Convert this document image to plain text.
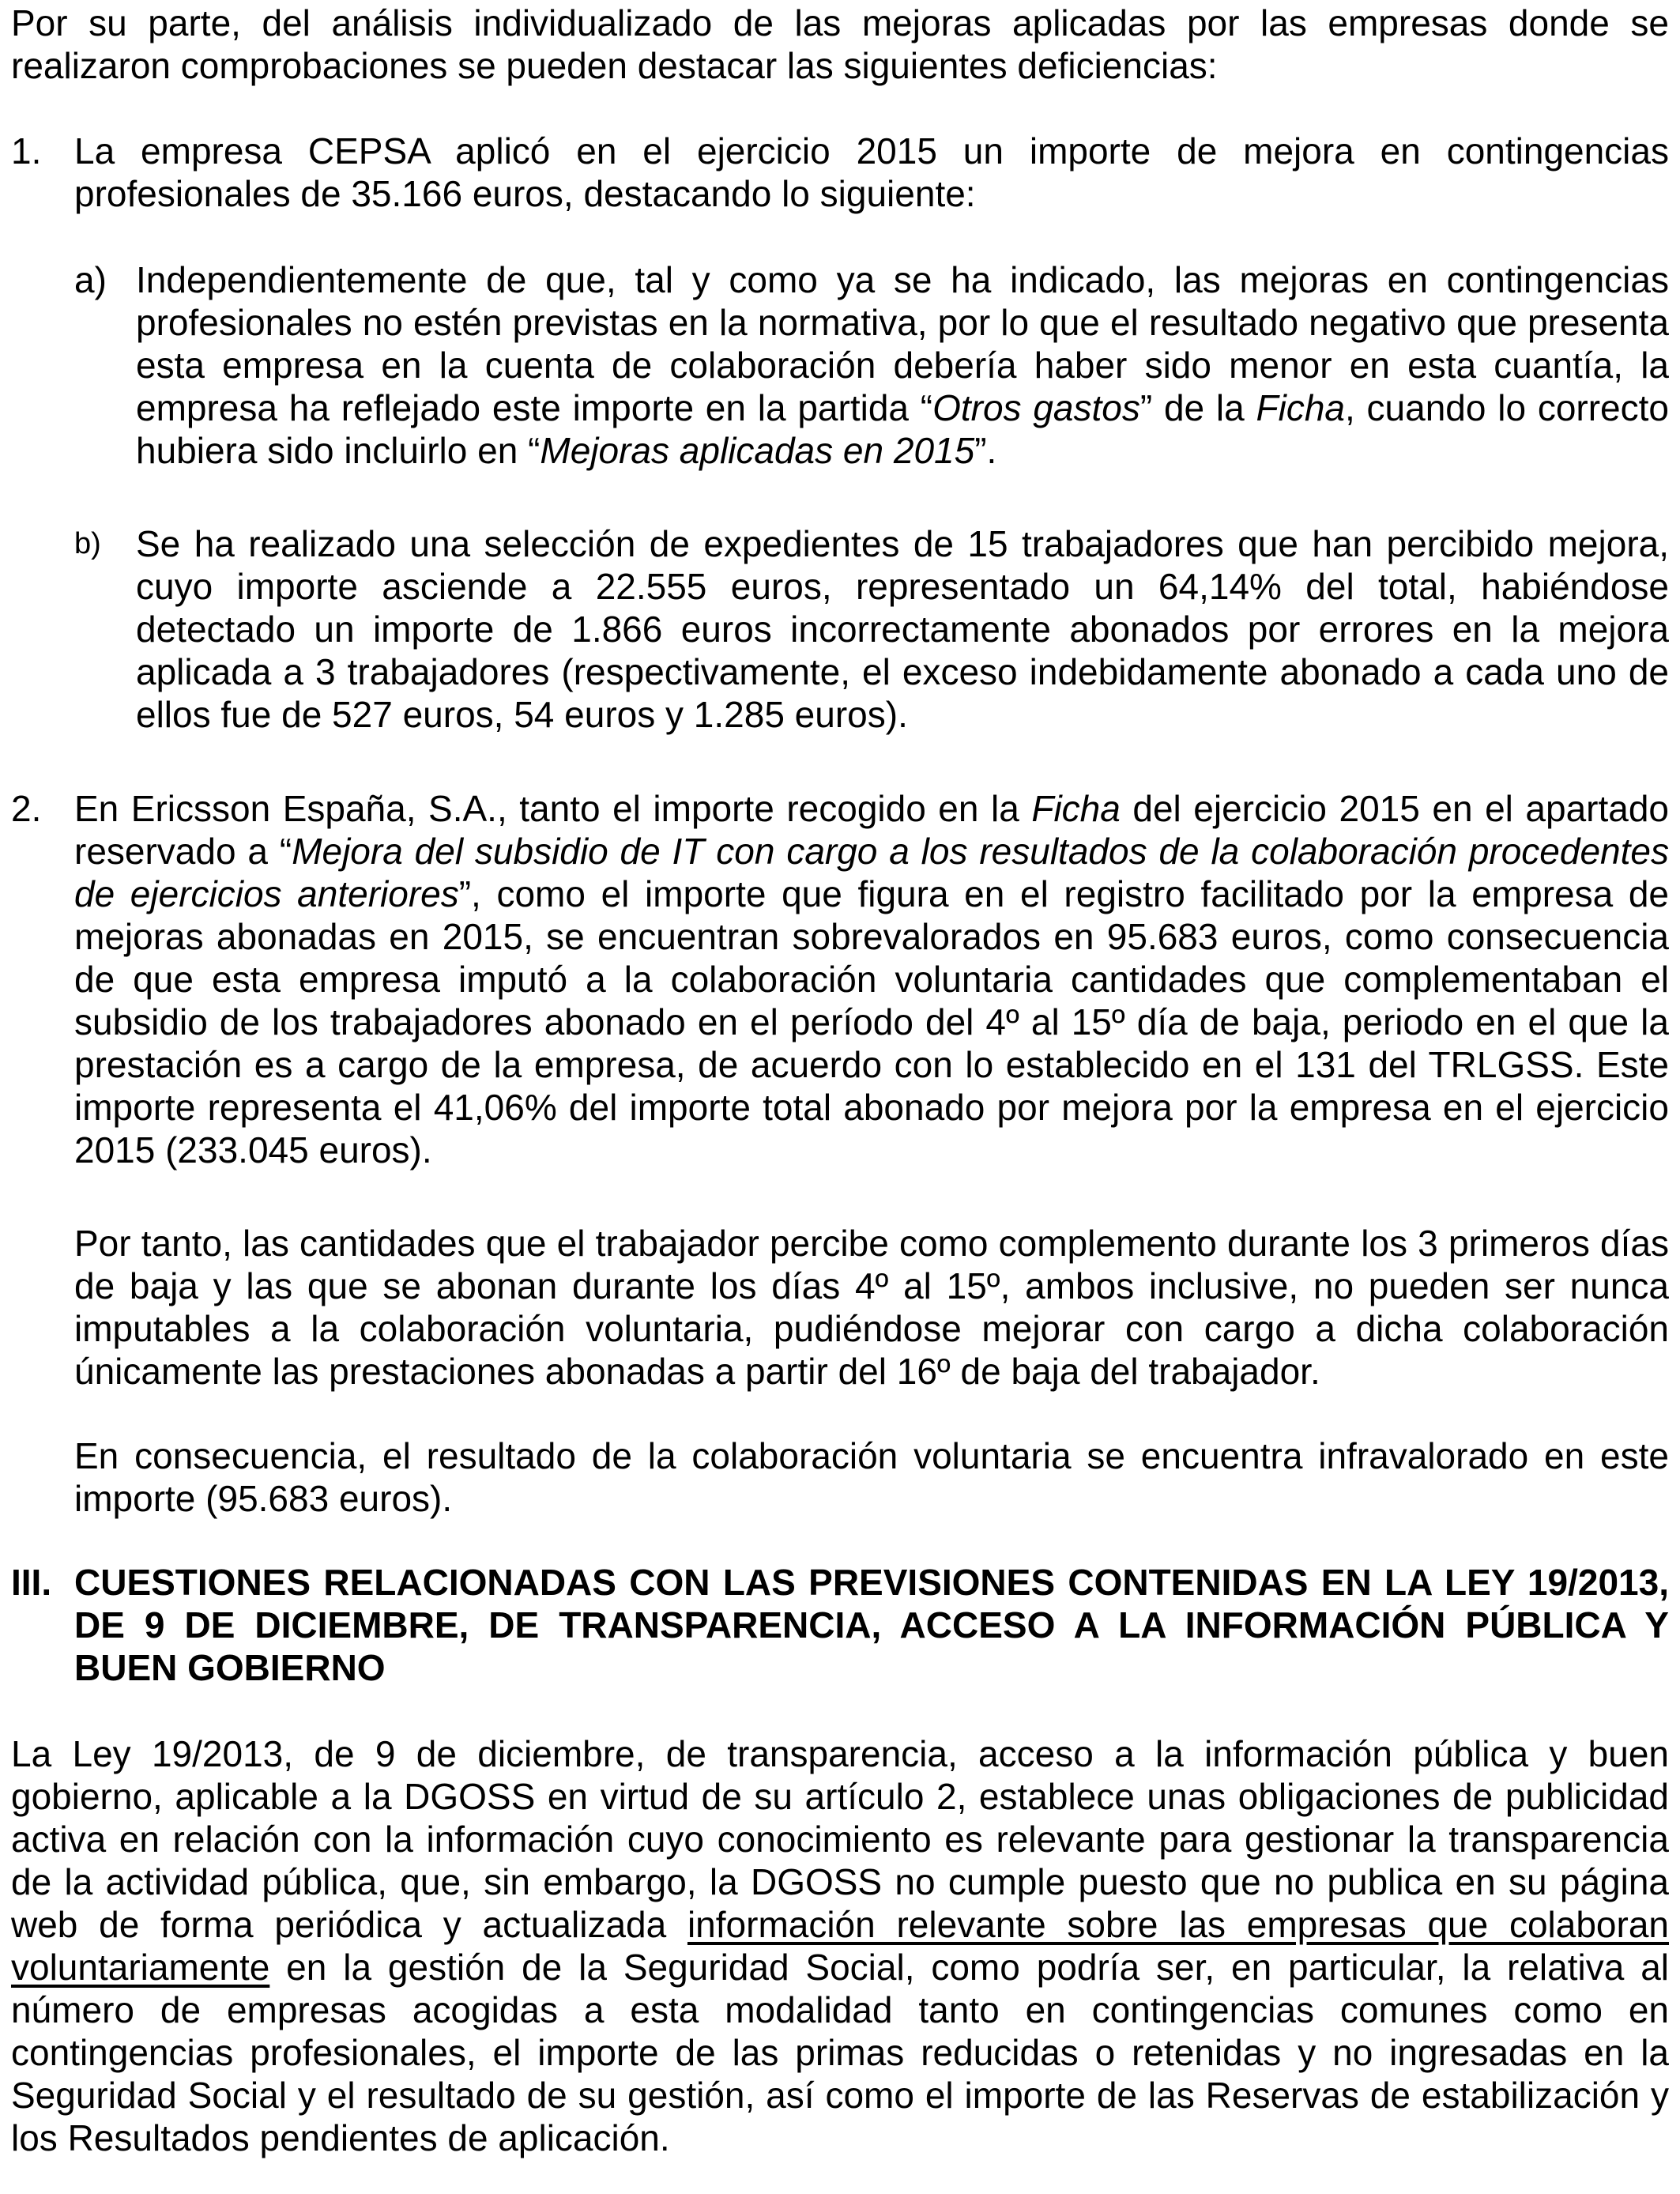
Por su parte, del análisis individualizado de las mejoras aplicadas por las empresas donde se realizaron comprobaciones se pueden destacar las siguientes deficiencias:

1. La empresa CEPSA aplicó en el ejercicio 2015 un importe de mejora en contingencias profesionales de 35.166 euros, destacando lo siguiente:

a) Independientemente de que, tal y como ya se ha indicado, las mejoras en contingencias profesionales no estén previstas en la normativa, por lo que el resultado negativo que presenta esta empresa en la cuenta de colaboración debería haber sido menor en esta cuantía, la empresa ha reflejado este importe en la partida “Otros gastos” de la Ficha, cuando lo correcto hubiera sido incluirlo en “Mejoras aplicadas en 2015”.

b) Se ha realizado una selección de expedientes de 15 trabajadores que han percibido mejora, cuyo importe asciende a 22.555 euros, representado un 64,14% del total, habiéndose detectado un importe de 1.866 euros incorrectamente abonados por errores en la mejora aplicada a 3 trabajadores (respectivamente, el exceso indebidamente abonado a cada uno de ellos fue de 527 euros, 54 euros y 1.285 euros).

2. En Ericsson España, S.A., tanto el importe recogido en la Ficha del ejercicio 2015 en el apartado reservado a “Mejora del subsidio de IT con cargo a los resultados de la colaboración procedentes de ejercicios anteriores”, como el importe que figura en el registro facilitado por la empresa de mejoras abonadas en 2015, se encuentran sobrevalorados en 95.683 euros, como consecuencia de que esta empresa imputó a la colaboración voluntaria cantidades que complementaban el subsidio de los trabajadores abonado en el período del 4º al 15º día de baja, periodo en el que la prestación es a cargo de la empresa, de acuerdo con lo establecido en el 131 del TRLGSS. Este importe representa el 41,06% del importe total abonado por mejora por la empresa en el ejercicio 2015 (233.045 euros).

Por tanto, las cantidades que el trabajador percibe como complemento durante los 3 primeros días de baja y las que se abonan durante los días 4º al 15º, ambos inclusive, no pueden ser nunca imputables a la colaboración voluntaria, pudiéndose mejorar con cargo a dicha colaboración únicamente las prestaciones abonadas a partir del 16º de baja del trabajador.

En consecuencia, el resultado de la colaboración voluntaria se encuentra infravalorado en este importe (95.683 euros).

III. CUESTIONES RELACIONADAS CON LAS PREVISIONES CONTENIDAS EN LA LEY 19/2013, DE 9 DE DICIEMBRE, DE TRANSPARENCIA, ACCESO A LA INFORMACIÓN PÚBLICA Y BUEN GOBIERNO

La Ley 19/2013, de 9 de diciembre, de transparencia, acceso a la información pública y buen gobierno, aplicable a la DGOSS en virtud de su artículo 2, establece unas obligaciones de publicidad activa en relación con la información cuyo conocimiento es relevante para gestionar la transparencia de la actividad pública, que, sin embargo, la DGOSS no cumple puesto que no publica en su página web de forma periódica y actualizada información relevante sobre las empresas que colaboran voluntariamente en la gestión de la Seguridad Social, como podría ser, en particular, la relativa al número de empresas acogidas a esta modalidad tanto en contingencias comunes como en contingencias profesionales, el importe de las primas reducidas o retenidas y no ingresadas en la Seguridad Social y el resultado de su gestión, así como el importe de las Reservas de estabilización y los Resultados pendientes de aplicación.
